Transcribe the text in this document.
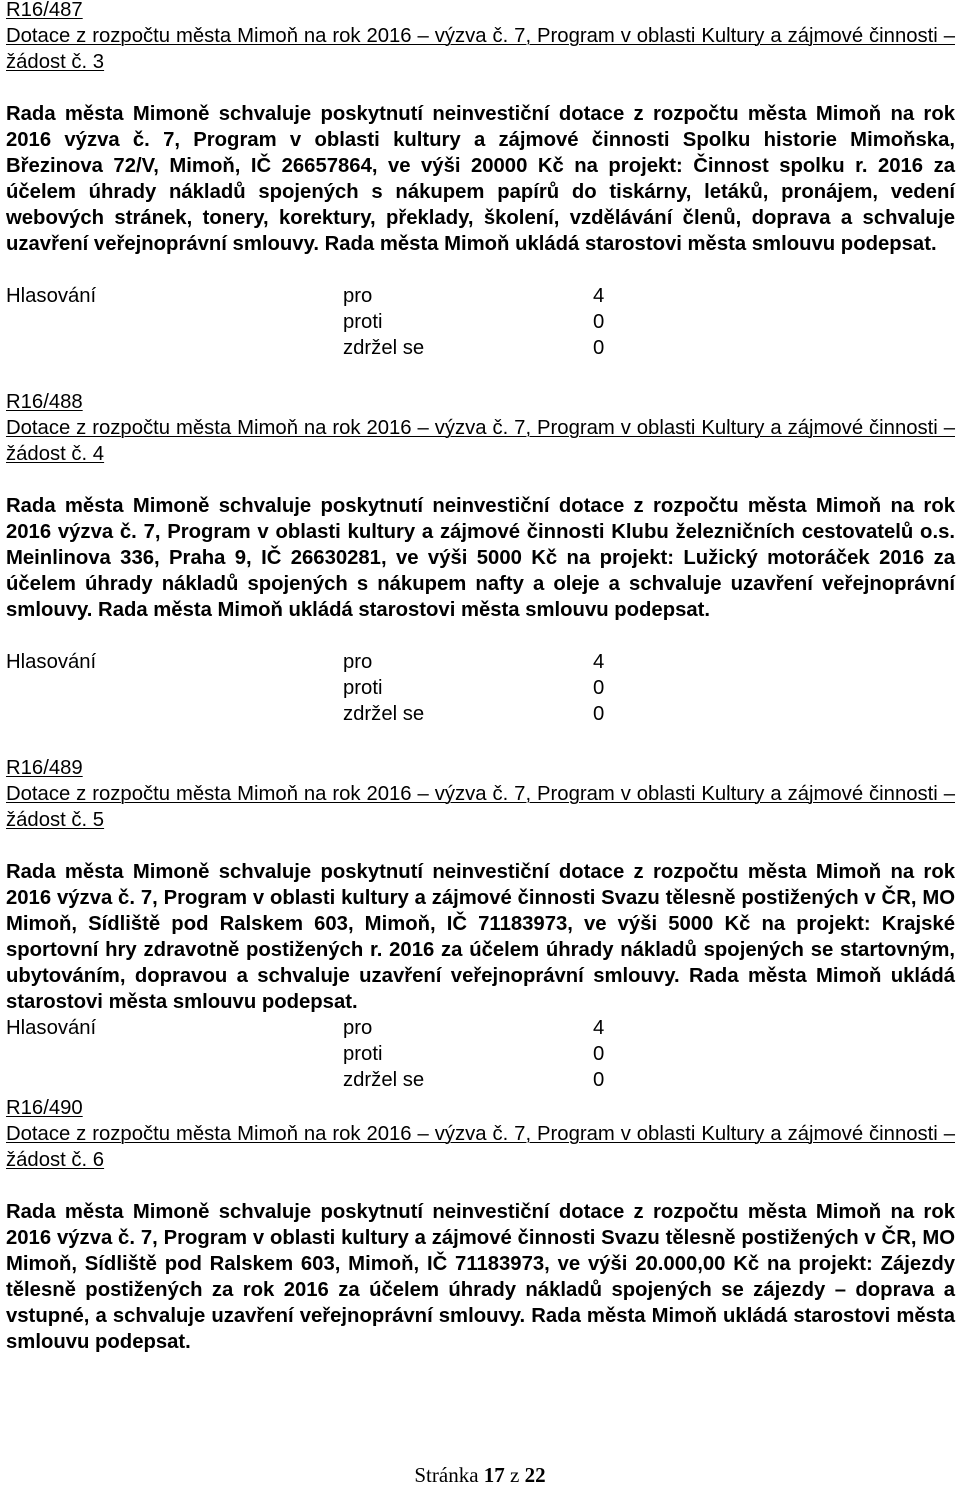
R16/487

Dotace z rozpočtu města Mimoň na rok 2016 – výzva č. 7, Program v oblasti Kultury a zájmové činnosti – žádost č. 3

Rada města Mimoně schvaluje poskytnutí neinvestiční dotace z rozpočtu města Mimoň na rok 2016 výzva č. 7, Program v oblasti kultury a zájmové činnosti Spolku historie Mimoňska, Březinova 72/V, Mimoň, IČ 26657864, ve výši 20000 Kč na projekt: Činnost spolku r. 2016 za účelem úhrady nákladů spojených s nákupem papírů do tiskárny, letáků, pronájem, vedení webových stránek, tonery, korektury, překlady, školení, vzdělávání členů, doprava a schvaluje uzavření veřejnoprávní smlouvy. Rada města Mimoň ukládá starostovi města smlouvu podepsat.

Hlasování	pro	4
proti	0
zdržel se	0
R16/488

Dotace z rozpočtu města Mimoň na rok 2016 – výzva č. 7, Program v oblasti Kultury a zájmové činnosti – žádost č. 4

Rada města Mimoně schvaluje poskytnutí neinvestiční dotace z rozpočtu města Mimoň na rok 2016 výzva č. 7, Program v oblasti kultury a zájmové činnosti Klubu železničních cestovatelů o.s. Meinlinova 336, Praha 9, IČ 26630281, ve výši 5000 Kč na projekt: Lužický motoráček 2016 za účelem úhrady nákladů spojených s nákupem nafty a oleje a schvaluje uzavření veřejnoprávní smlouvy. Rada města Mimoň ukládá starostovi města smlouvu podepsat.

Hlasování	pro	4
proti	0
zdržel se	0
R16/489

Dotace z rozpočtu města Mimoň na rok 2016 – výzva č. 7, Program v oblasti Kultury a zájmové činnosti – žádost č. 5

Rada města Mimoně schvaluje poskytnutí neinvestiční dotace z rozpočtu města Mimoň na rok 2016 výzva č. 7, Program v oblasti kultury a zájmové činnosti Svazu tělesně postižených v ČR, MO Mimoň, Sídliště pod Ralskem 603, Mimoň, IČ 71183973, ve výši 5000 Kč na projekt: Krajské sportovní hry zdravotně postižených r. 2016 za účelem úhrady nákladů spojených se startovným, ubytováním, dopravou a schvaluje uzavření veřejnoprávní smlouvy. Rada města Mimoň ukládá starostovi města smlouvu podepsat.

Hlasování	pro	4
proti	0
zdržel se	0
R16/490

Dotace z rozpočtu města Mimoň na rok 2016 – výzva č. 7, Program v oblasti Kultury a zájmové činnosti – žádost č. 6

Rada města Mimoně schvaluje poskytnutí neinvestiční dotace z rozpočtu města Mimoň na rok 2016 výzva č. 7, Program v oblasti kultury a zájmové činnosti Svazu tělesně postižených v ČR, MO Mimoň, Sídliště pod Ralskem 603, Mimoň, IČ 71183973, ve výši 20.000,00 Kč na projekt: Zájezdy tělesně postižených za rok 2016 za účelem úhrady nákladů spojených se zájezdy – doprava a vstupné, a schvaluje uzavření veřejnoprávní smlouvy. Rada města Mimoň ukládá starostovi města smlouvu podepsat.

Stránka 17 z 22
